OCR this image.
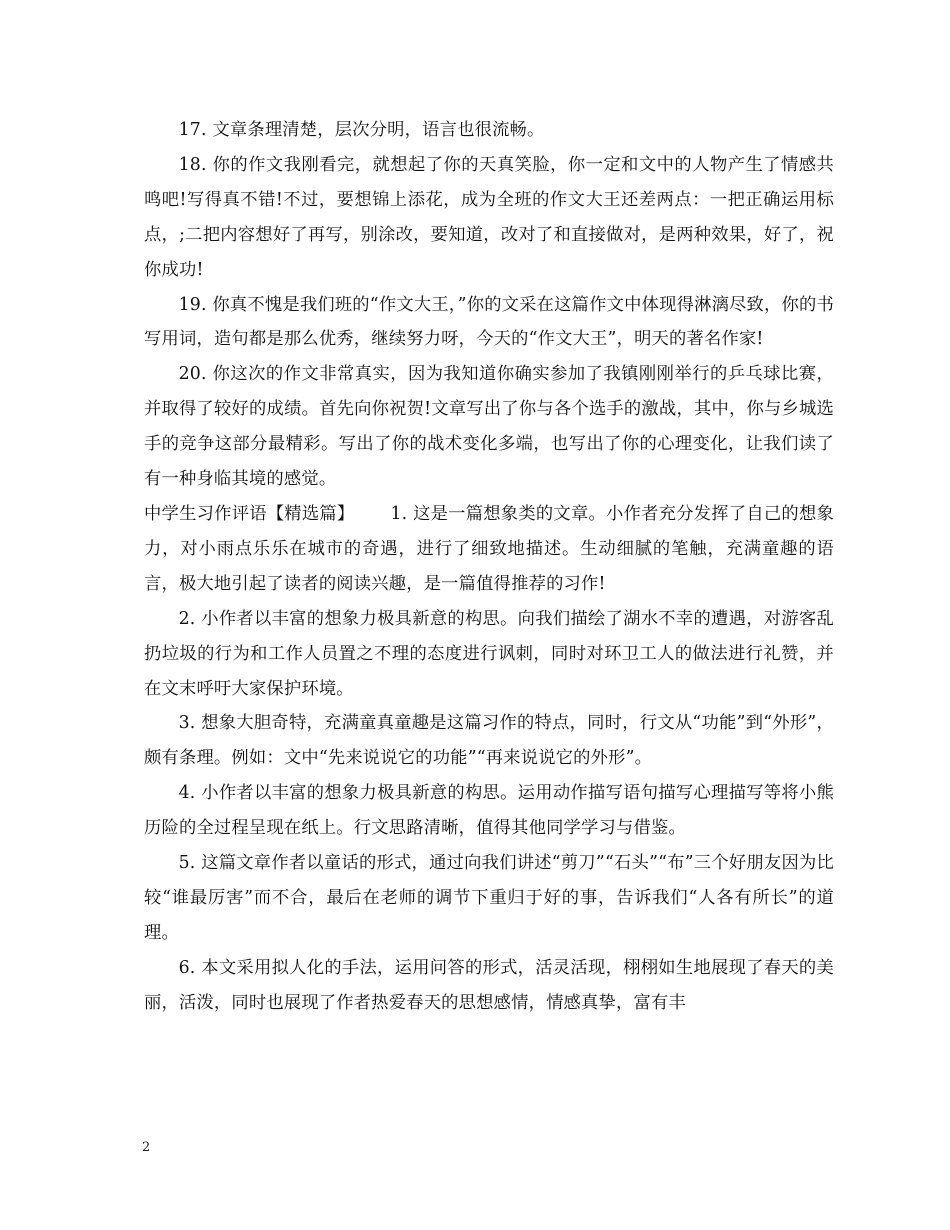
17. 文章条理清楚，层次分明，语言也很流畅。

18. 你的作文我刚看完，就想起了你的天真笑脸，你一定和文中的人物产生了情感共鸣吧!写得真不错!不过，要想锦上添花，成为全班的作文大王还差两点：一把正确运用标点，;二把内容想好了再写，别涂改，要知道，改对了和直接做对，是两种效果，好了，祝你成功!

19. 你真不愧是我们班的“作文大王，”你的文采在这篇作文中体现得淋漓尽致，你的书写用词，造句都是那么优秀，继续努力呀，今天的“作文大王”，明天的著名作家!

20. 你这次的作文非常真实，因为我知道你确实参加了我镇刚刚举行的乒乓球比赛，并取得了较好的成绩。首先向你祝贺!文章写出了你与各个选手的激战，其中，你与乡城选手的竞争这部分最精彩。写出了你的战术变化多端，也写出了你的心理变化，让我们读了有一种身临其境的感觉。

中学生习作评语【精选篇】 1. 这是一篇想象类的文章。小作者充分发挥了自己的想象力，对小雨点乐乐在城市的奇遇，进行了细致地描述。生动细腻的笔触，充满童趣的语言，极大地引起了读者的阅读兴趣，是一篇值得推荐的习作!

2. 小作者以丰富的想象力极具新意的构思。向我们描绘了湖水不幸的遭遇，对游客乱扔垃圾的行为和工作人员置之不理的态度进行讽刺，同时对环卫工人的做法进行礼赞，并在文末呼吁大家保护环境。

3. 想象大胆奇特，充满童真童趣是这篇习作的特点，同时，行文从“功能”到“外形”，颇有条理。例如：文中“先来说说它的功能”“再来说说它的外形”。

4. 小作者以丰富的想象力极具新意的构思。运用动作描写语句描写心理描写等将小熊历险的全过程呈现在纸上。行文思路清晰，值得其他同学学习与借鉴。

5. 这篇文章作者以童话的形式，通过向我们讲述“剪刀”“石头”“布”三个好朋友因为比较“谁最厉害”而不合，最后在老师的调节下重归于好的事，告诉我们“人各有所长”的道理。

6. 本文采用拟人化的手法，运用问答的形式，活灵活现，栩栩如生地展现了春天的美丽，活泼，同时也展现了作者热爱春天的思想感情，情感真挚，富有丰

2
